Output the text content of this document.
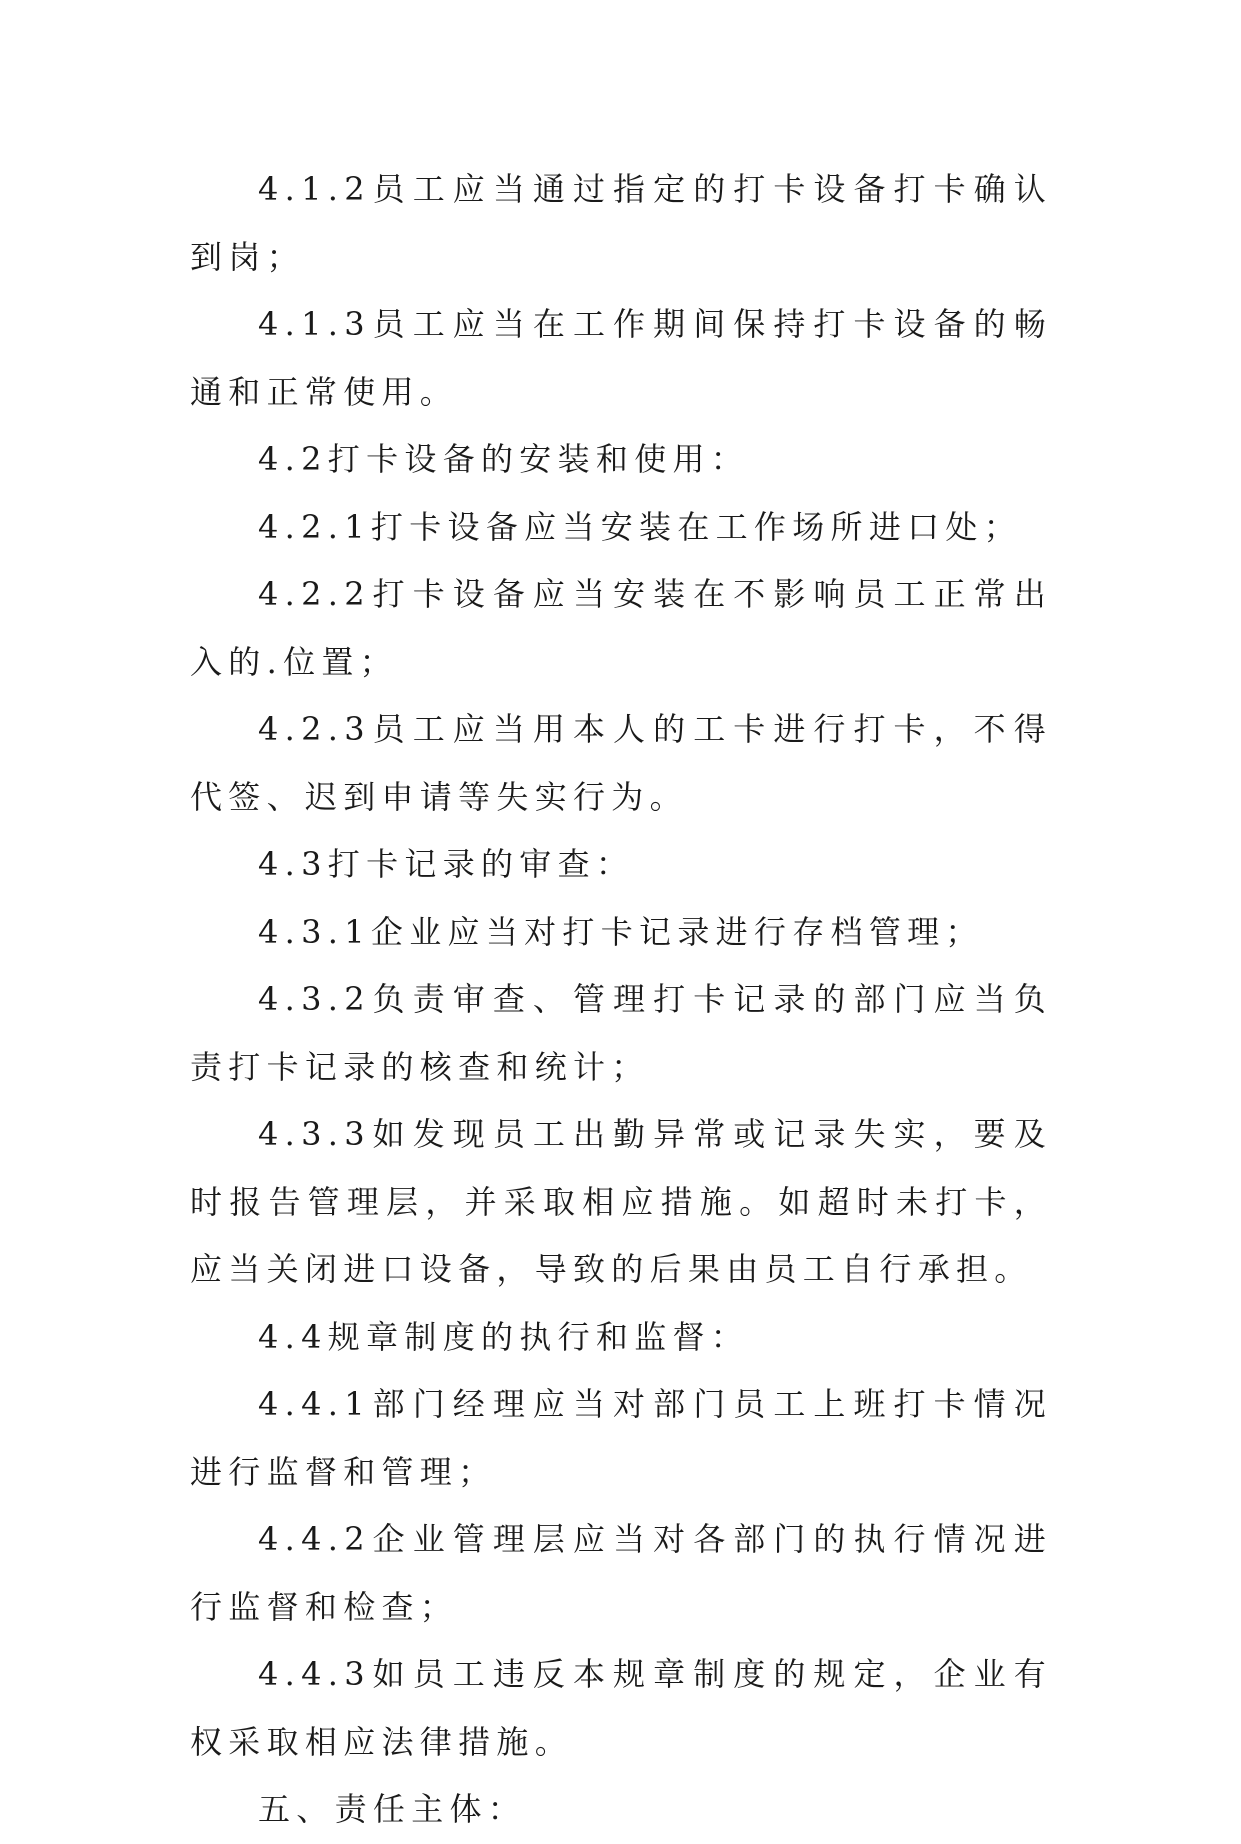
4.1.2员工应当通过指定的打卡设备打卡确认到岗；

4.1.3员工应当在工作期间保持打卡设备的畅通和正常使用。

4.2打卡设备的安装和使用：

4.2.1打卡设备应当安装在工作场所进口处；

4.2.2打卡设备应当安装在不影响员工正常出入的.位置；

4.2.3员工应当用本人的工卡进行打卡，不得代签、迟到申请等失实行为。

4.3打卡记录的审查：

4.3.1企业应当对打卡记录进行存档管理；

4.3.2负责审查、管理打卡记录的部门应当负责打卡记录的核查和统计；

4.3.3如发现员工出勤异常或记录失实，要及时报告管理层，并采取相应措施。如超时未打卡，应当关闭进口设备，导致的后果由员工自行承担。

4.4规章制度的执行和监督：

4.4.1部门经理应当对部门员工上班打卡情况进行监督和管理；

4.4.2企业管理层应当对各部门的执行情况进行监督和检查；

4.4.3如员工违反本规章制度的规定，企业有权采取相应法律措施。

五、责任主体：
